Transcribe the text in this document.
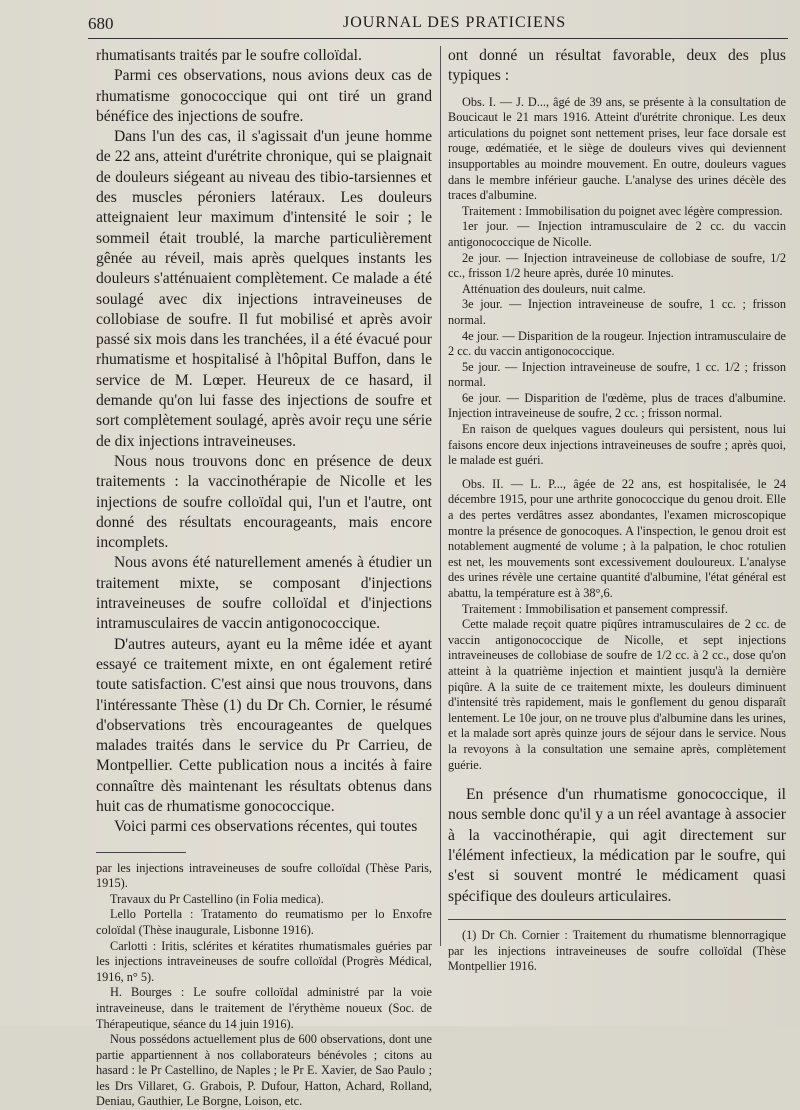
680	JOURNAL DES PRATICIENS

rhumatisants traités par le soufre colloïdal.

Parmi ces observations, nous avions deux cas de rhumatisme gonococcique qui ont tiré un grand bénéfice des injections de soufre.

Dans l'un des cas, il s'agissait d'un jeune homme de 22 ans, atteint d'urétrite chronique, qui se plaignait de douleurs siégeant au niveau des tibio-tarsiennes et des muscles péroniers latéraux. Les douleurs atteignaient leur maximum d'intensité le soir ; le sommeil était troublé, la marche particulièrement gênée au réveil, mais après quelques instants les douleurs s'atténuaient complètement. Ce malade a été soulagé avec dix injections intraveineuses de collobiase de soufre. Il fut mobilisé et après avoir passé six mois dans les tranchées, il a été évacué pour rhumatisme et hospitalisé à l'hôpital Buffon, dans le service de M. Lœper. Heureux de ce hasard, il demande qu'on lui fasse des injections de soufre et sort complètement soulagé, après avoir reçu une série de dix injections intraveineuses.

Nous nous trouvons donc en présence de deux traitements : la vaccinothérapie de Nicolle et les injections de soufre colloïdal qui, l'un et l'autre, ont donné des résultats encourageants, mais encore incomplets.

Nous avons été naturellement amenés à étudier un traitement mixte, se composant d'injections intraveineuses de soufre colloïdal et d'injections intramusculaires de vaccin antigonococcique.

D'autres auteurs, ayant eu la même idée et ayant essayé ce traitement mixte, en ont également retiré toute satisfaction. C'est ainsi que nous trouvons, dans l'intéressante Thèse (1) du Dr Ch. Cornier, le résumé d'observations très encourageantes de quelques malades traités dans le service du Pr Carrieu, de Montpellier. Cette publication nous a incités à faire connaître dès maintenant les résultats obtenus dans huit cas de rhumatisme gonococcique.

Voici parmi ces observations récentes, qui toutes

par les injections intraveineuses de soufre colloïdal (Thèse Paris, 1915).

Travaux du Pr Castellino (in Folia medica).

Lello Portella : Tratamento do reumatismo per lo Enxofre coloïdal (Thèse inaugurale, Lisbonne 1916).

Carlotti : Iritis, sclérites et kératites rhumatismales guéries par les injections intraveineuses de soufre colloïdal (Progrès Médical, 1916, n° 5).

H. Bourges : Le soufre colloïdal administré par la voie intraveineuse, dans le traitement de l'érythème noueux (Soc. de Thérapeutique, séance du 14 juin 1916).

Nous possédons actuellement plus de 600 observations, dont une partie appartiennent à nos collaborateurs bénévoles ; citons au hasard : le Pr Castellino, de Naples ; le Pr E. Xavier, de Sao Paulo ; les Drs Villaret, G. Grabois, P. Dufour, Hatton, Achard, Rolland, Deniau, Gauthier, Le Borgne, Loison, etc.

ont donné un résultat favorable, deux des plus typiques :

Obs. I. — J. D..., âgé de 39 ans, se présente à la consultation de Boucicaut le 21 mars 1916. Atteint d'urétrite chronique. Les deux articulations du poignet sont nettement prises, leur face dorsale est rouge, œdématiée, et le siège de douleurs vives qui deviennent insupportables au moindre mouvement. En outre, douleurs vagues dans le membre inférieur gauche. L'analyse des urines décèle des traces d'albumine.

Traitement : Immobilisation du poignet avec légère compression.

1er jour. — Injection intramusculaire de 2 cc. du vaccin antigonococcique de Nicolle.

2e jour. — Injection intraveineuse de collobiase de soufre, 1/2 cc., frisson 1/2 heure après, durée 10 minutes.

Atténuation des douleurs, nuit calme.

3e jour. — Injection intraveineuse de soufre, 1 cc. ; frisson normal.

4e jour. — Disparition de la rougeur. Injection intramusculaire de 2 cc. du vaccin antigonococcique.

5e jour. — Injection intraveineuse de soufre, 1 cc. 1/2 ; frisson normal.

6e jour. — Disparition de l'œdème, plus de traces d'albumine. Injection intraveineuse de soufre, 2 cc. ; frisson normal.

En raison de quelques vagues douleurs qui persistent, nous lui faisons encore deux injections intraveineuses de soufre ; après quoi, le malade est guéri.

Obs. II. — L. P..., âgée de 22 ans, est hospitalisée, le 24 décembre 1915, pour une arthrite gonococcique du genou droit. Elle a des pertes verdâtres assez abondantes, l'examen microscopique montre la présence de gonocoques. A l'inspection, le genou droit est notablement augmenté de volume ; à la palpation, le choc rotulien est net, les mouvements sont excessivement douloureux. L'analyse des urines révèle une certaine quantité d'albumine, l'état général est abattu, la température est à 38°,6.

Traitement : Immobilisation et pansement compressif.

Cette malade reçoit quatre piqûres intramusculaires de 2 cc. de vaccin antigonococcique de Nicolle, et sept injections intraveineuses de collobiase de soufre de 1/2 cc. à 2 cc., dose qu'on atteint à la quatrième injection et maintient jusqu'à la dernière piqûre. A la suite de ce traitement mixte, les douleurs diminuent d'intensité très rapidement, mais le gonflement du genou disparaît lentement. Le 10e jour, on ne trouve plus d'albumine dans les urines, et la malade sort après quinze jours de séjour dans le service. Nous la revoyons à la consultation une semaine après, complètement guérie.

En présence d'un rhumatisme gonococcique, il nous semble donc qu'il y a un réel avantage à associer à la vaccinothérapie, qui agit directement sur l'élément infectieux, la médication par le soufre, qui s'est si souvent montré le médicament quasi spécifique des douleurs articulaires.

(1) Dr Ch. Cornier : Traitement du rhumatisme blennorragique par les injections intraveineuses de soufre colloïdal (Thèse Montpellier 1916.
